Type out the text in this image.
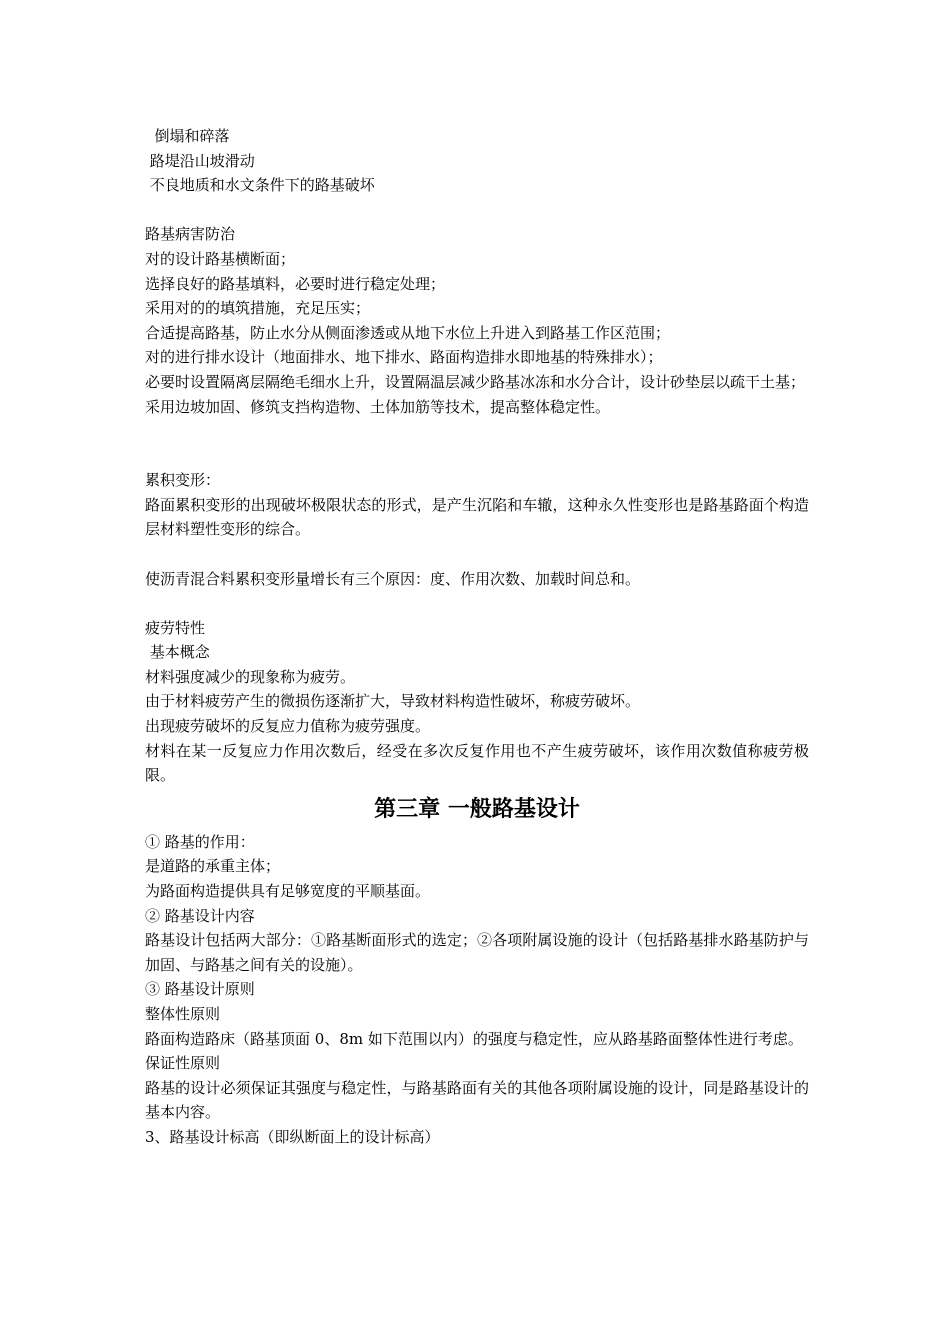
倒塌和碎落
路堤沿山坡滑动
不良地质和水文条件下的路基破坏
路基病害防治
对的设计路基横断面；
选择良好的路基填料，必要时进行稳定处理；
采用对的的填筑措施，充足压实；
合适提高路基，防止水分从侧面渗透或从地下水位上升进入到路基工作区范围；
对的进行排水设计（地面排水、地下排水、路面构造排水即地基的特殊排水）；
必要时设置隔离层隔绝毛细水上升，设置隔温层减少路基冰冻和水分合计，设计砂垫层以疏干土基；
采用边坡加固、修筑支挡构造物、土体加筋等技术，提高整体稳定性。
累积变形：
路面累积变形的出现破坏极限状态的形式，是产生沉陷和车辙，这种永久性变形也是路基路面个构造层材料塑性变形的综合。
使沥青混合料累积变形量增长有三个原因：度、作用次数、加载时间总和。
疲劳特性
基本概念
材料强度减少的现象称为疲劳。
由于材料疲劳产生的微损伤逐渐扩大，导致材料构造性破坏，称疲劳破坏。
出现疲劳破坏的反复应力值称为疲劳强度。
材料在某一反复应力作用次数后，经受在多次反复作用也不产生疲劳破坏，该作用次数值称疲劳极限。
第三章 一般路基设计
① 路基的作用：
是道路的承重主体；
为路面构造提供具有足够宽度的平顺基面。
② 路基设计内容
路基设计包括两大部分：①路基断面形式的选定；②各项附属设施的设计（包括路基排水路基防护与加固、与路基之间有关的设施）。
③ 路基设计原则
整体性原则
路面构造路床（路基顶面 0、8m 如下范围以内）的强度与稳定性，应从路基路面整体性进行考虑。
保证性原则
路基的设计必须保证其强度与稳定性，与路基路面有关的其他各项附属设施的设计，同是路基设计的基本内容。
3、路基设计标高（即纵断面上的设计标高）
